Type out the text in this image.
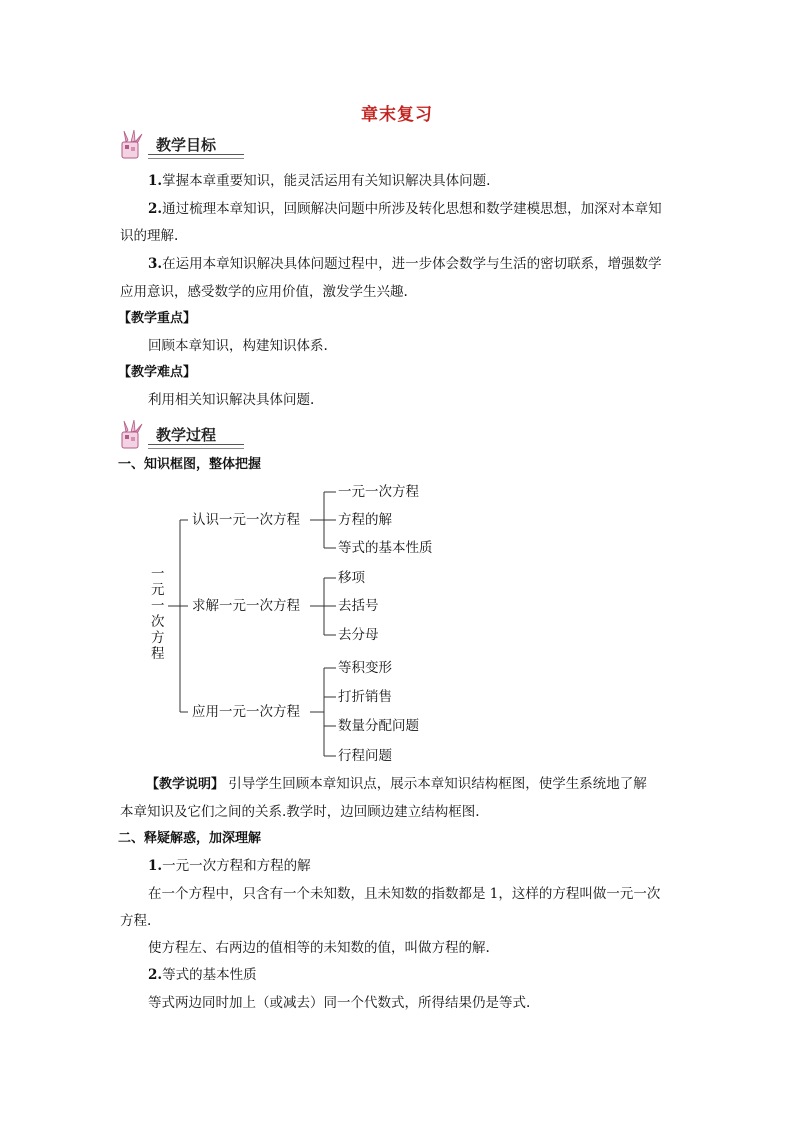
章末复习
教学目标
1.掌握本章重要知识，能灵活运用有关知识解决具体问题.
2.通过梳理本章知识，回顾解决问题中所涉及转化思想和数学建模思想，加深对本章知
识的理解.
3.在运用本章知识解决具体问题过程中，进一步体会数学与生活的密切联系，增强数学
应用意识，感受数学的应用价值，激发学生兴趣.
【教学重点】
回顾本章知识，构建知识体系.
【教学难点】
利用相关知识解决具体问题.
教学过程
一、知识框图，整体把握
一
元
一
次
方
程
认识一元一次方程
求解一元一次方程
应用一元一次方程
一元一次方程
方程的解
等式的基本性质
移项
去括号
去分母
等积变形
打折销售
数量分配问题
行程问题
【教学说明】 引导学生回顾本章知识点，展示本章知识结构框图，使学生系统地了解
本章知识及它们之间的关系.教学时，边回顾边建立结构框图.
二、释疑解惑，加深理解
1.一元一次方程和方程的解
在一个方程中，只含有一个未知数，且未知数的指数都是 1，这样的方程叫做一元一次
方程.
使方程左、右两边的值相等的未知数的值，叫做方程的解.
2.等式的基本性质
等式两边同时加上（或减去）同一个代数式，所得结果仍是等式.
